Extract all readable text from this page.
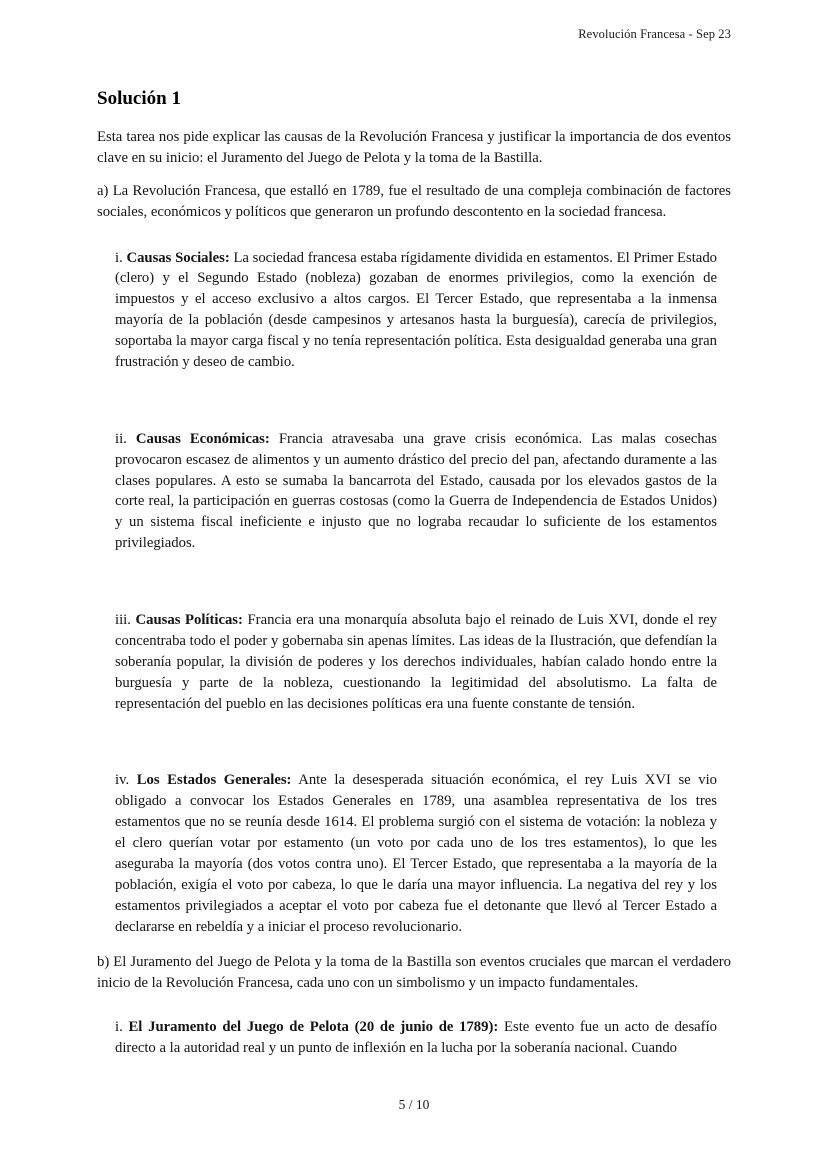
Revolución Francesa - Sep 23
Solución 1

Esta tarea nos pide explicar las causas de la Revolución Francesa y justificar la importancia de dos eventos clave en su inicio: el Juramento del Juego de Pelota y la toma de la Bastilla.

a) La Revolución Francesa, que estalló en 1789, fue el resultado de una compleja combinación de factores sociales, económicos y políticos que generaron un profundo descontento en la sociedad francesa.

i. Causas Sociales: La sociedad francesa estaba rígidamente dividida en estamentos. El Primer Estado (clero) y el Segundo Estado (nobleza) gozaban de enormes privilegios, como la exención de impuestos y el acceso exclusivo a altos cargos. El Tercer Estado, que representaba a la inmensa mayoría de la población (desde campesinos y artesanos hasta la burguesía), carecía de privilegios, soportaba la mayor carga fiscal y no tenía representación política. Esta desigualdad generaba una gran frustración y deseo de cambio.
ii. Causas Económicas: Francia atravesaba una grave crisis económica. Las malas cosechas provocaron escasez de alimentos y un aumento drástico del precio del pan, afectando duramente a las clases populares. A esto se sumaba la bancarrota del Estado, causada por los elevados gastos de la corte real, la participación en guerras costosas (como la Guerra de Independencia de Estados Unidos) y un sistema fiscal ineficiente e injusto que no lograba recaudar lo suficiente de los estamentos privilegiados.
iii. Causas Políticas: Francia era una monarquía absoluta bajo el reinado de Luis XVI, donde el rey concentraba todo el poder y gobernaba sin apenas límites. Las ideas de la Ilustración, que defendían la soberanía popular, la división de poderes y los derechos individuales, habían calado hondo entre la burguesía y parte de la nobleza, cuestionando la legitimidad del absolutismo. La falta de representación del pueblo en las decisiones políticas era una fuente constante de tensión.
iv. Los Estados Generales: Ante la desesperada situación económica, el rey Luis XVI se vio obligado a convocar los Estados Generales en 1789, una asamblea representativa de los tres estamentos que no se reunía desde 1614. El problema surgió con el sistema de votación: la nobleza y el clero querían votar por estamento (un voto por cada uno de los tres estamentos), lo que les aseguraba la mayoría (dos votos contra uno). El Tercer Estado, que representaba a la mayoría de la población, exigía el voto por cabeza, lo que le daría una mayor influencia. La negativa del rey y los estamentos privilegiados a aceptar el voto por cabeza fue el detonante que llevó al Tercer Estado a declararse en rebeldía y a iniciar el proceso revolucionario.

b) El Juramento del Juego de Pelota y la toma de la Bastilla son eventos cruciales que marcan el verdadero inicio de la Revolución Francesa, cada uno con un simbolismo y un impacto fundamentales.

i. El Juramento del Juego de Pelota (20 de junio de 1789): Este evento fue un acto de desafío directo a la autoridad real y un punto de inflexión en la lucha por la soberanía nacional. Cuando
5 / 10
